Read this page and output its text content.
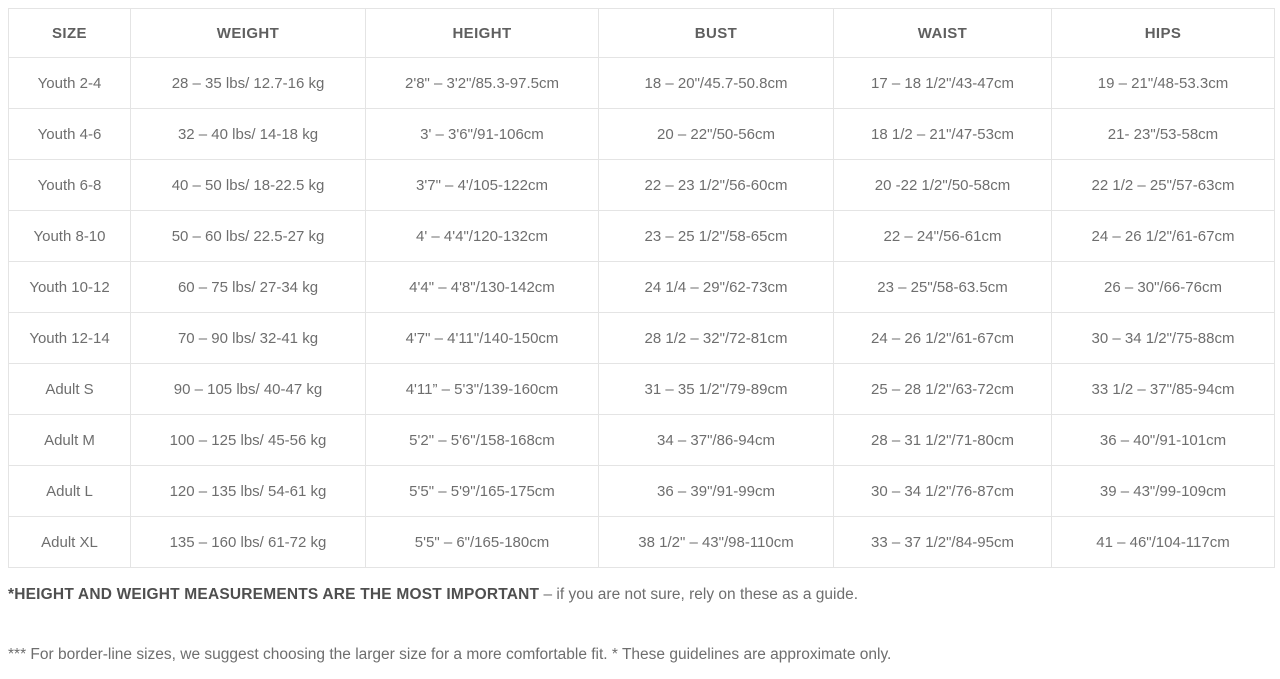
SIZE	WEIGHT	HEIGHT	BUST	WAIST	HIPS
Youth 2-4	28 – 35 lbs/ 12.7-16 kg	2'8" – 3'2"/85.3-97.5cm	18 – 20"/45.7-50.8cm	17 – 18 1/2"/43-47cm	19 – 21"/48-53.3cm
Youth 4-6	32 – 40 lbs/ 14-18 kg	3' – 3'6"/91-106cm	20 – 22"/50-56cm	18 1/2 – 21"/47-53cm	21- 23"/53-58cm
Youth 6-8	40 – 50 lbs/ 18-22.5 kg	3'7" – 4'/105-122cm	22 – 23 1/2"/56-60cm	20 -22 1/2"/50-58cm	22 1/2 – 25"/57-63cm
Youth 8-10	50 – 60 lbs/ 22.5-27 kg	4' – 4'4"/120-132cm	23 – 25 1/2"/58-65cm	22 – 24"/56-61cm	24 – 26 1/2"/61-67cm
Youth 10-12	60 – 75 lbs/ 27-34 kg	4'4" – 4'8"/130-142cm	24 1/4 – 29"/62-73cm	23 – 25"/58-63.5cm	26 – 30"/66-76cm
Youth 12-14	70 – 90 lbs/ 32-41 kg	4'7" – 4'11"/140-150cm	28 1/2 – 32"/72-81cm	24 – 26 1/2"/61-67cm	30 – 34 1/2"/75-88cm
Adult S	90 – 105 lbs/ 40-47 kg	4'11” – 5'3"/139-160cm	31 – 35 1/2"/79-89cm	25 – 28 1/2"/63-72cm	33 1/2 – 37"/85-94cm
Adult M	100 – 125 lbs/ 45-56 kg	5'2" – 5'6"/158-168cm	34 – 37"/86-94cm	28 – 31 1/2"/71-80cm	36 – 40"/91-101cm
Adult L	120 – 135 lbs/ 54-61 kg	5'5" – 5'9"/165-175cm	36 – 39"/91-99cm	30 – 34 1/2"/76-87cm	39 – 43"/99-109cm
Adult XL	135 – 160 lbs/ 61-72 kg	5'5" – 6"/165-180cm	38 1/2" – 43"/98-110cm	33 – 37 1/2"/84-95cm	41 – 46"/104-117cm

*HEIGHT AND WEIGHT MEASUREMENTS ARE THE MOST IMPORTANT – if you are not sure, rely on these as a guide.

*** For border-line sizes, we suggest choosing the larger size for a more comfortable fit. * These guidelines are approximate only.
